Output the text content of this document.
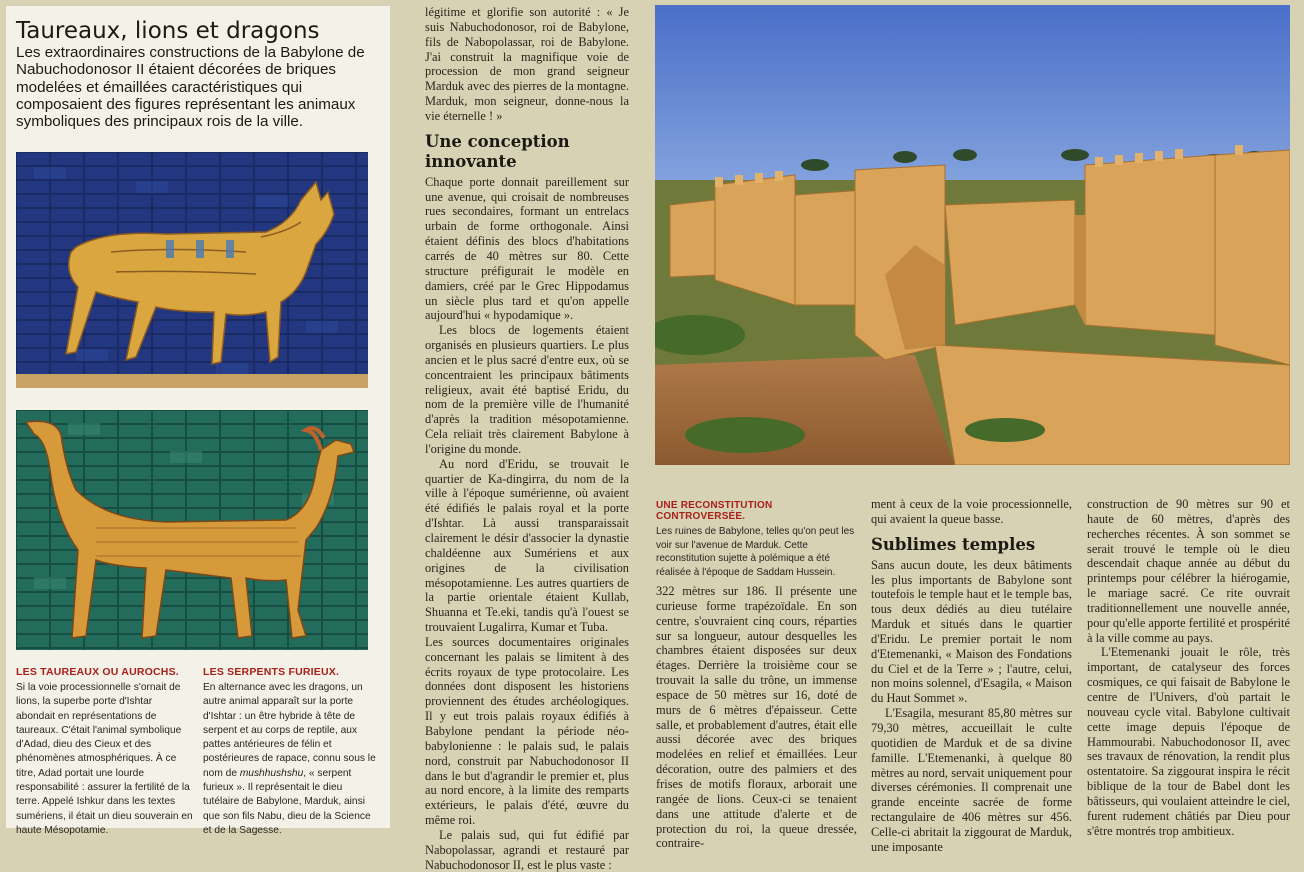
Taureaux, lions et dragons

Les extraordinaires constructions de la Babylone de Nabuchodonosor II étaient décorées de briques modelées et émaillées caractéristiques qui composaient des figures représentant les animaux symboliques des principaux rois de la ville.

LES TAUREAUX OU AUROCHS.
Si la voie processionnelle s'ornait de lions, la superbe porte d'Ishtar abondait en représentations de taureaux. C'était l'animal symbolique d'Adad, dieu des Cieux et des phénomènes atmosphériques. À ce titre, Adad portait une lourde responsabilité : assurer la fertilité de la terre. Appelé Ishkur dans les textes sumériens, il était un dieu souverain en haute Mésopotamie.
LES SERPENTS FURIEUX.
En alternance avec les dragons, un autre animal apparaît sur la porte d'Ishtar : un être hybride à tête de serpent et au corps de reptile, aux pattes antérieures de félin et postérieures de rapace, connu sous le nom de mushhushshu, « serpent furieux ». Il représentait le dieu tutélaire de Babylone, Marduk, ainsi que son fils Nabu, dieu de la Science et de la Sagesse.

légitime et glorifie son autorité : « Je suis Nabuchodonosor, roi de Babylone, fils de Nabopolassar, roi de Babylone. J'ai construit la magnifique voie de procession de mon grand seigneur Marduk avec des pierres de la montagne. Marduk, mon seigneur, donne-nous la vie éternelle ! »

Une conception innovante

Chaque porte donnait pareillement sur une avenue, qui croisait de nombreuses rues secondaires, formant un entrelacs urbain de forme orthogonale. Ainsi étaient définis des blocs d'habitations carrés de 40 mètres sur 80. Cette structure préfigurait le modèle en damiers, créé par le Grec Hippodamus un siècle plus tard et qu'on appelle aujourd'hui « hypodamique ».

Les blocs de logements étaient organisés en plusieurs quartiers. Le plus ancien et le plus sacré d'entre eux, où se concentraient les principaux bâtiments religieux, avait été baptisé Eridu, du nom de la première ville de l'humanité d'après la tradition mésopotamienne. Cela reliait très clairement Babylone à l'origine du monde.

Au nord d'Eridu, se trouvait le quartier de Ka-dingirra, du nom de la ville à l'époque sumérienne, où avaient été édifiés le palais royal et la porte d'Ishtar. Là aussi transparaissait clairement le désir d'associer la dynastie chaldéenne aux Sumériens et aux origines de la civilisation mésopotamienne. Les autres quartiers de la partie orientale étaient Kullab, Shuanna et Te.eki, tandis qu'à l'ouest se trouvaient Lugalirra, Kumar et Tuba.

Les sources documentaires originales concernant les palais se limitent à des écrits royaux de type protocolaire. Les données dont disposent les historiens proviennent des études archéologiques. Il y eut trois palais royaux édifiés à Babylone pendant la période néo-babylonienne : le palais sud, le palais nord, construit par Nabuchodonosor II dans le but d'agrandir le premier et, plus au nord encore, à la limite des remparts extérieurs, le palais d'été, œuvre du même roi.

Le palais sud, qui fut édifié par Nabopolassar, agrandi et restauré par Nabuchodonosor II, est le plus vaste :

UNE RECONSTITUTION CONTROVERSÉE.
Les ruines de Babylone, telles qu'on peut les voir sur l'avenue de Marduk. Cette reconstitution sujette à polémique a été réalisée à l'époque de Saddam Hussein.

322 mètres sur 186. Il présente une curieuse forme trapézoïdale. En son centre, s'ouvraient cinq cours, réparties sur sa longueur, autour desquelles les chambres étaient disposées sur deux étages. Derrière la troisième cour se trouvait la salle du trône, un immense espace de 50 mètres sur 16, doté de murs de 6 mètres d'épaisseur. Cette salle, et probablement d'autres, était elle aussi décorée avec des briques modelées en relief et émaillées. Leur décoration, outre des palmiers et des frises de motifs floraux, arborait une rangée de lions. Ceux-ci se tenaient dans une attitude d'alerte et de protection du roi, la queue dressée, contraire-

ment à ceux de la voie processionnelle, qui avaient la queue basse.

Sublimes temples

Sans aucun doute, les deux bâtiments les plus importants de Babylone sont toutefois le temple haut et le temple bas, tous deux dédiés au dieu tutélaire Marduk et situés dans le quartier d'Eridu. Le premier portait le nom d'Etemenanki, « Maison des Fondations du Ciel et de la Terre » ; l'autre, celui, non moins solennel, d'Esagila, « Maison du Haut Sommet ».

L'Esagila, mesurant 85,80 mètres sur 79,30 mètres, accueillait le culte quotidien de Marduk et de sa divine famille. L'Etemenanki, à quelque 80 mètres au nord, servait uniquement pour diverses cérémonies. Il comprenait une grande enceinte sacrée de forme rectangulaire de 406 mètres sur 456. Celle-ci abritait la ziggourat de Marduk, une imposante

construction de 90 mètres sur 90 et haute de 60 mètres, d'après des recherches récentes. À son sommet se serait trouvé le temple où le dieu descendait chaque année au début du printemps pour célébrer la hiérogamie, le mariage sacré. Ce rite ouvrait traditionnellement une nouvelle année, pour qu'elle apporte fertilité et prospérité à la ville comme au pays.

L'Etemenanki jouait le rôle, très important, de catalyseur des forces cosmiques, ce qui faisait de Babylone le centre de l'Univers, d'où partait le nouveau cycle vital. Babylone cultivait cette image depuis l'époque de Hammourabi. Nabuchodonosor II, avec ses travaux de rénovation, la rendit plus ostentatoire. Sa ziggourat inspira le récit biblique de la tour de Babel dont les bâtisseurs, qui voulaient atteindre le ciel, furent rudement châtiés par Dieu pour s'être montrés trop ambitieux.
